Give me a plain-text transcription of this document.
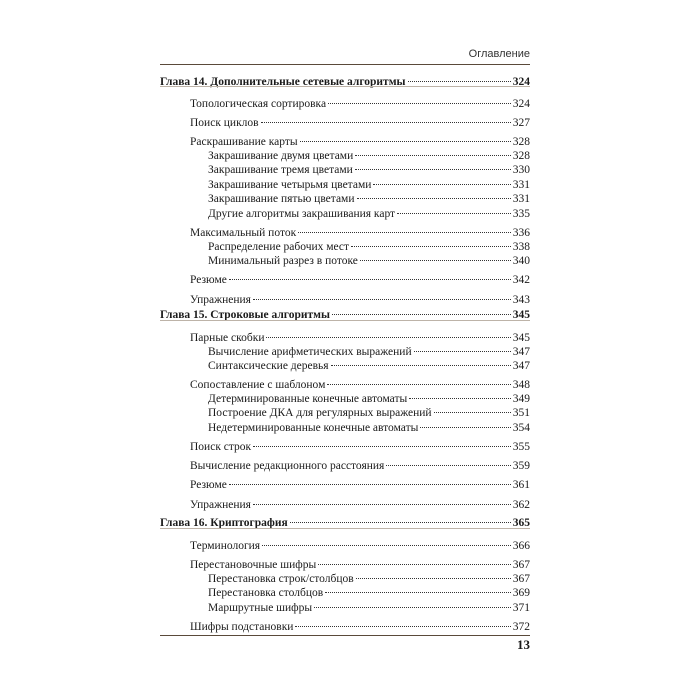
Оглавление
Глава 14. Дополнительные сетевые алгоритмы	324
Топологическая сортировка	324
Поиск циклов	327
Раскрашивание карты	328
Закрашивание двумя цветами	328
Закрашивание тремя цветами	330
Закрашивание четырьмя цветами	331
Закрашивание пятью цветами	331
Другие алгоритмы закрашивания карт	335
Максимальный поток	336
Распределение рабочих мест	338
Минимальный разрез в потоке	340
Резюме	342
Упражнения	343
Глава 15. Строковые алгоритмы	345
Парные скобки	345
Вычисление арифметических выражений	347
Синтаксические деревья	347
Сопоставление с шаблоном	348
Детерминированные конечные автоматы	349
Построение ДКА для регулярных выражений	351
Недетерминированные конечные автоматы	354
Поиск строк	355
Вычисление редакционного расстояния	359
Резюме	361
Упражнения	362
Глава 16. Криптография	365
Терминология	366
Перестановочные шифры	367
Перестановка строк/столбцов	367
Перестановка столбцов	369
Маршрутные шифры	371
Шифры подстановки	372
13
